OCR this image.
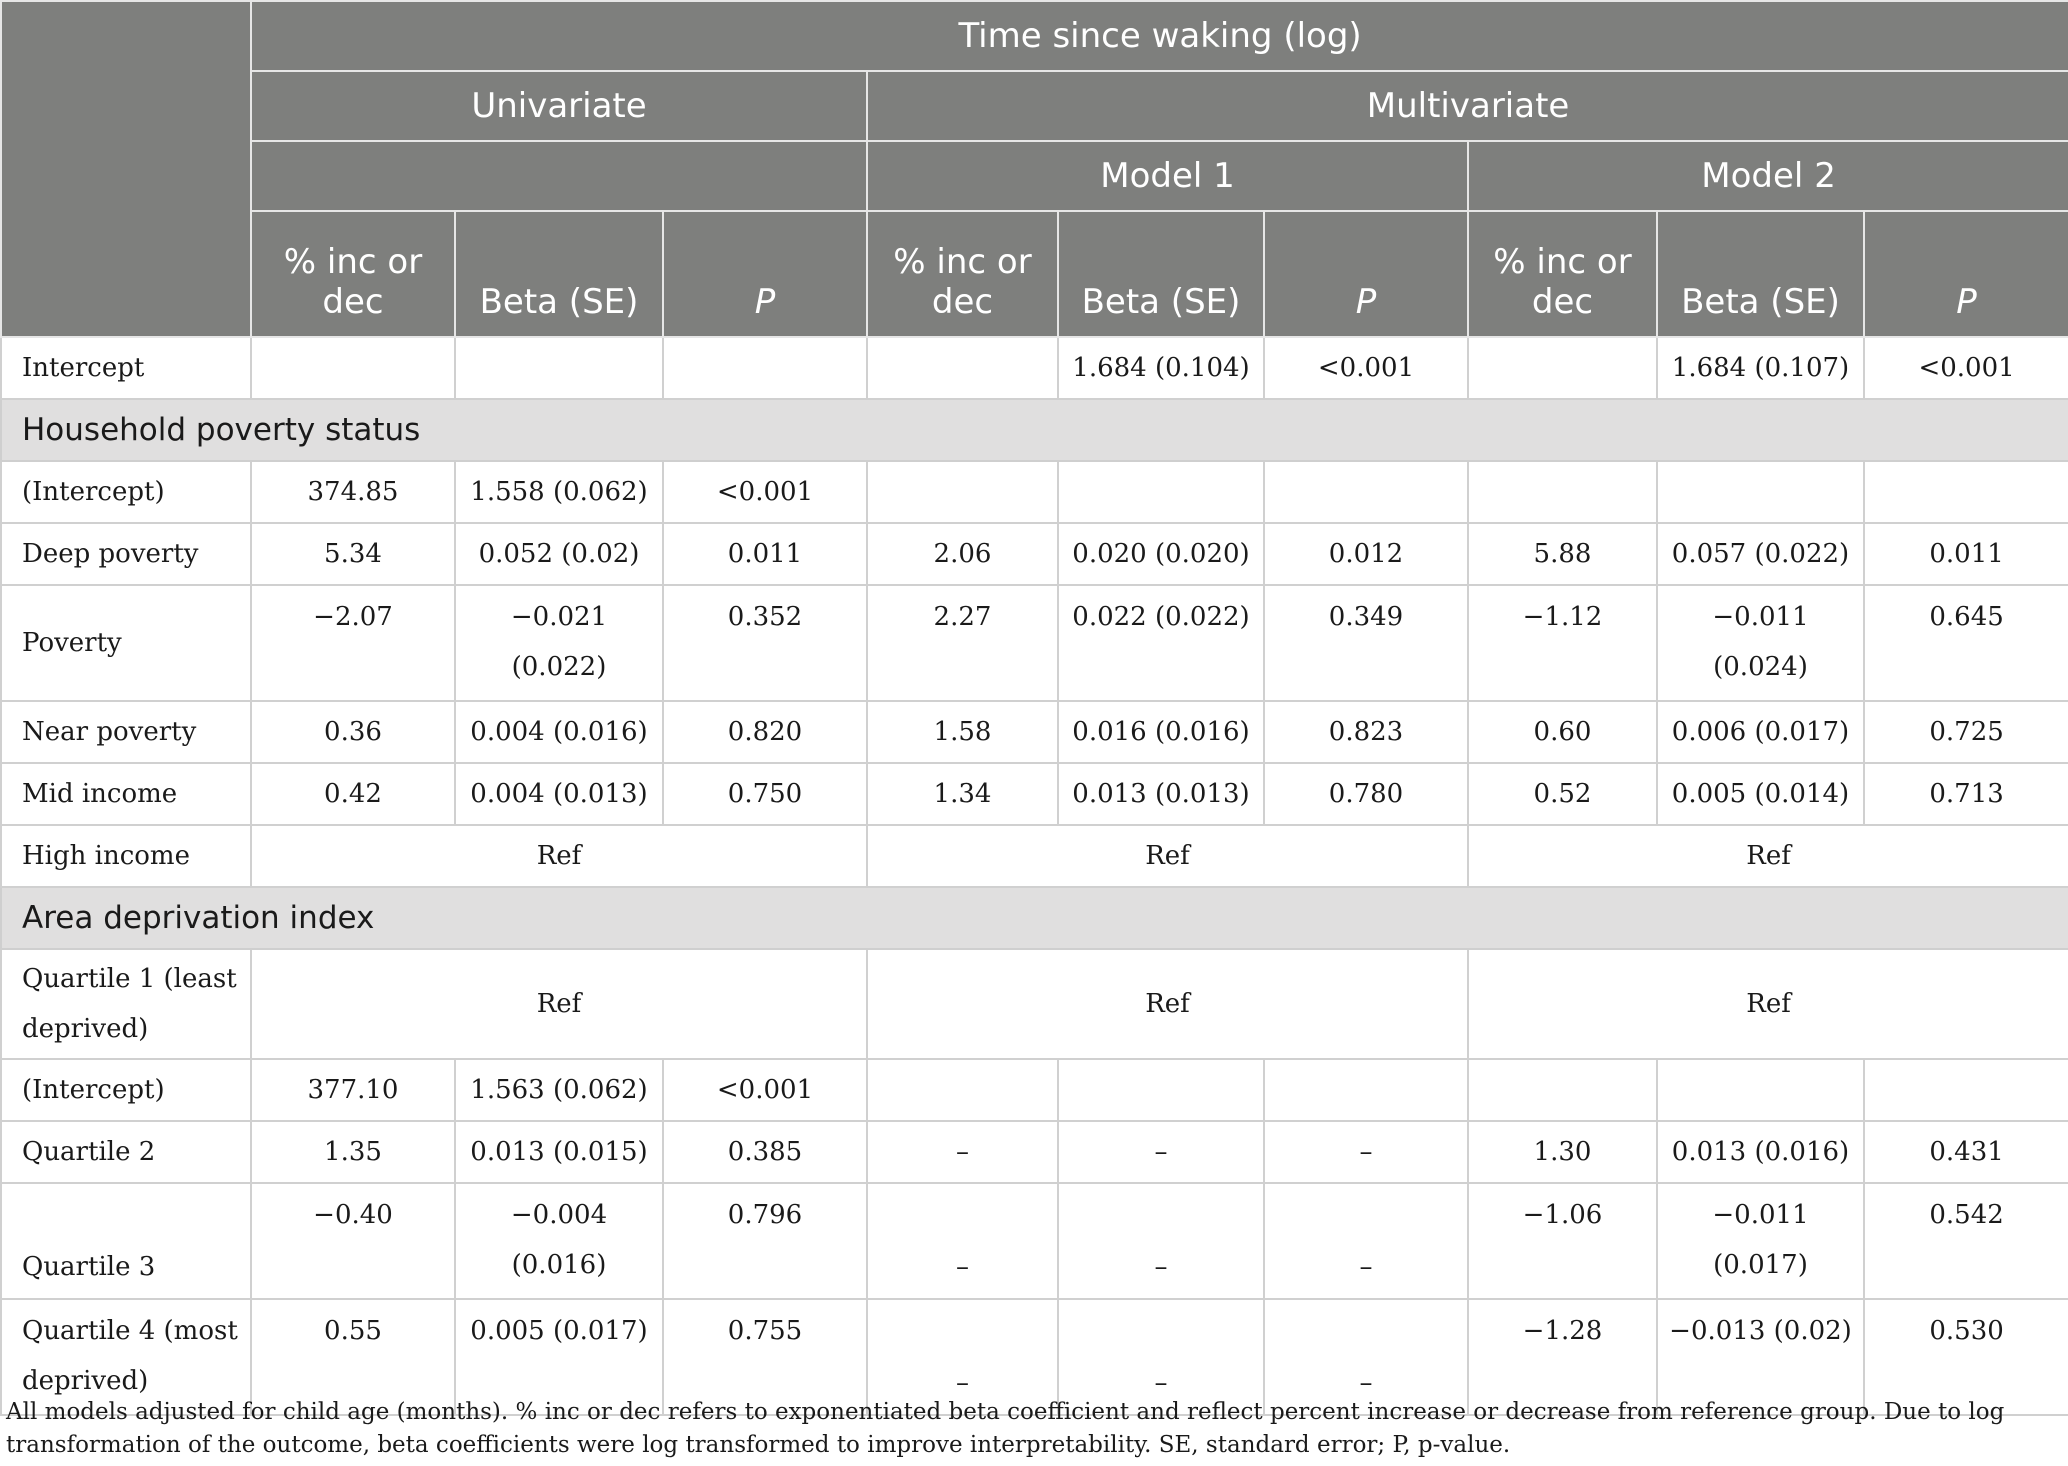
	Time since waking (log)								
	Univariate			Multivariate					
				Model 1			Model 2		
	% inc or dec	Beta (SE)	P	% inc or dec	Beta (SE)	P	% inc or dec	Beta (SE)	P
Intercept					1.684 (0.104)	<0.001		1.684 (0.107)	<0.001
Household poverty status									
(Intercept)	374.85	1.558 (0.062)	<0.001						
Deep poverty	5.34	0.052 (0.02)	0.011	2.06	0.020 (0.020)	0.012	5.88	0.057 (0.022)	0.011
Poverty	−2.07	−0.021 (0.022)	0.352	2.27	0.022 (0.022)	0.349	−1.12	−0.011 (0.024)	0.645
Near poverty	0.36	0.004 (0.016)	0.820	1.58	0.016 (0.016)	0.823	0.60	0.006 (0.017)	0.725
Mid income	0.42	0.004 (0.013)	0.750	1.34	0.013 (0.013)	0.780	0.52	0.005 (0.014)	0.713
High income	Ref			Ref			Ref		
Area deprivation index									
Quartile 1 (least deprived)	Ref			Ref			Ref		
(Intercept)	377.10	1.563 (0.062)	<0.001						
Quartile 2	1.35	0.013 (0.015)	0.385	–	–	–	1.30	0.013 (0.016)	0.431
Quartile 3	−0.40	−0.004 (0.016)	0.796	–	–	–	−1.06	−0.011 (0.017)	0.542
Quartile 4 (most deprived)	0.55	0.005 (0.017)	0.755	–	–	–	−1.28	−0.013 (0.02)	0.530

All models adjusted for child age (months). % inc or dec refers to exponentiated beta coefficient and reflect percent increase or decrease from reference group. Due to log transformation of the outcome, beta coefficients were log transformed to improve interpretability. SE, standard error; P, p-value.
